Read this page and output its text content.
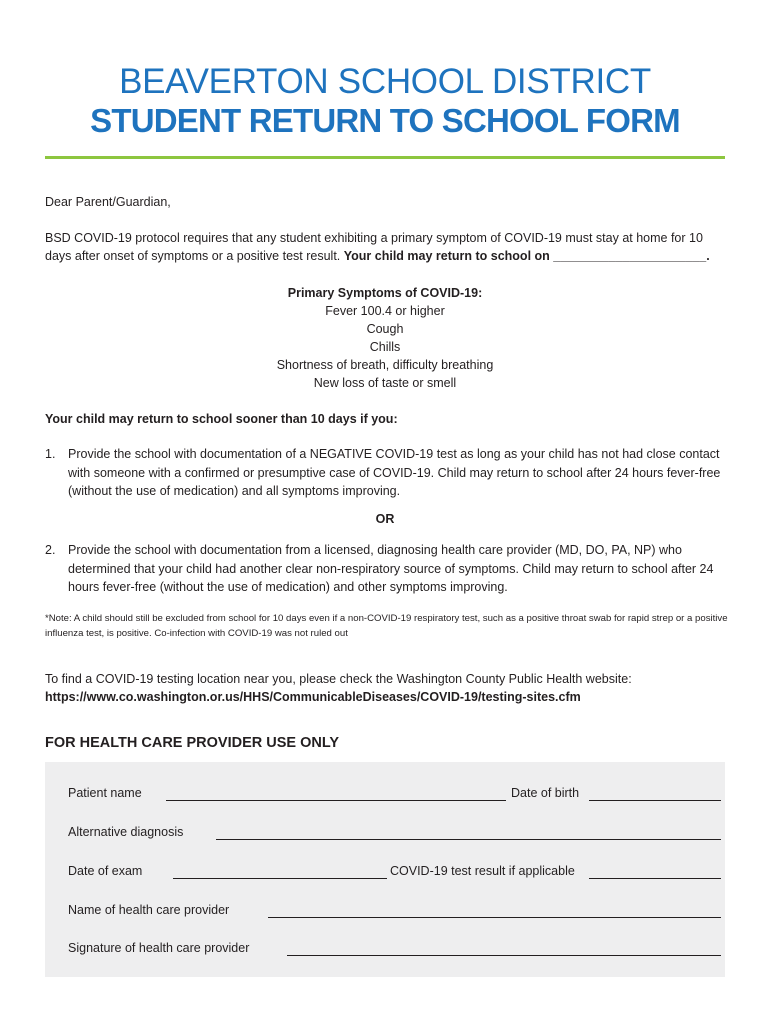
BEAVERTON SCHOOL DISTRICT
STUDENT RETURN TO SCHOOL FORM
Dear Parent/Guardian,
BSD COVID-19 protocol requires that any student exhibiting a primary symptom of COVID-19 must stay at home for 10 days after onset of symptoms or a positive test result. Your child may return to school on ______________________.
Primary Symptoms of COVID-19:
Fever 100.4 or higher
Cough
Chills
Shortness of breath, difficulty breathing
New loss of taste or smell
Your child may return to school sooner than 10 days if you:
1.	Provide the school with documentation of a NEGATIVE COVID-19 test as long as your child has not had close contact with someone with a confirmed or presumptive case of COVID-19. Child may return to school after 24 hours fever-free (without the use of medication) and all symptoms improving.
OR
2.	Provide the school with documentation from a licensed, diagnosing health care provider (MD, DO, PA, NP) who determined that your child had another clear non-respiratory source of symptoms. Child may return to school after 24 hours fever-free (without the use of medication) and other symptoms improving.
*Note: A child should still be excluded from school for 10 days even if a non-COVID-19 respiratory test, such as a positive throat swab for rapid strep or a positive influenza test, is positive. Co-infection with COVID-19 was not ruled out
To find a COVID-19 testing location near you, please check the Washington County Public Health website:
https://www.co.washington.or.us/HHS/CommunicableDiseases/COVID-19/testing-sites.cfm
FOR HEALTH CARE PROVIDER USE ONLY
Patient name	Date of birth
Alternative diagnosis
Date of exam	COVID-19 test result if applicable
Name of health care provider
Signature of health care provider
